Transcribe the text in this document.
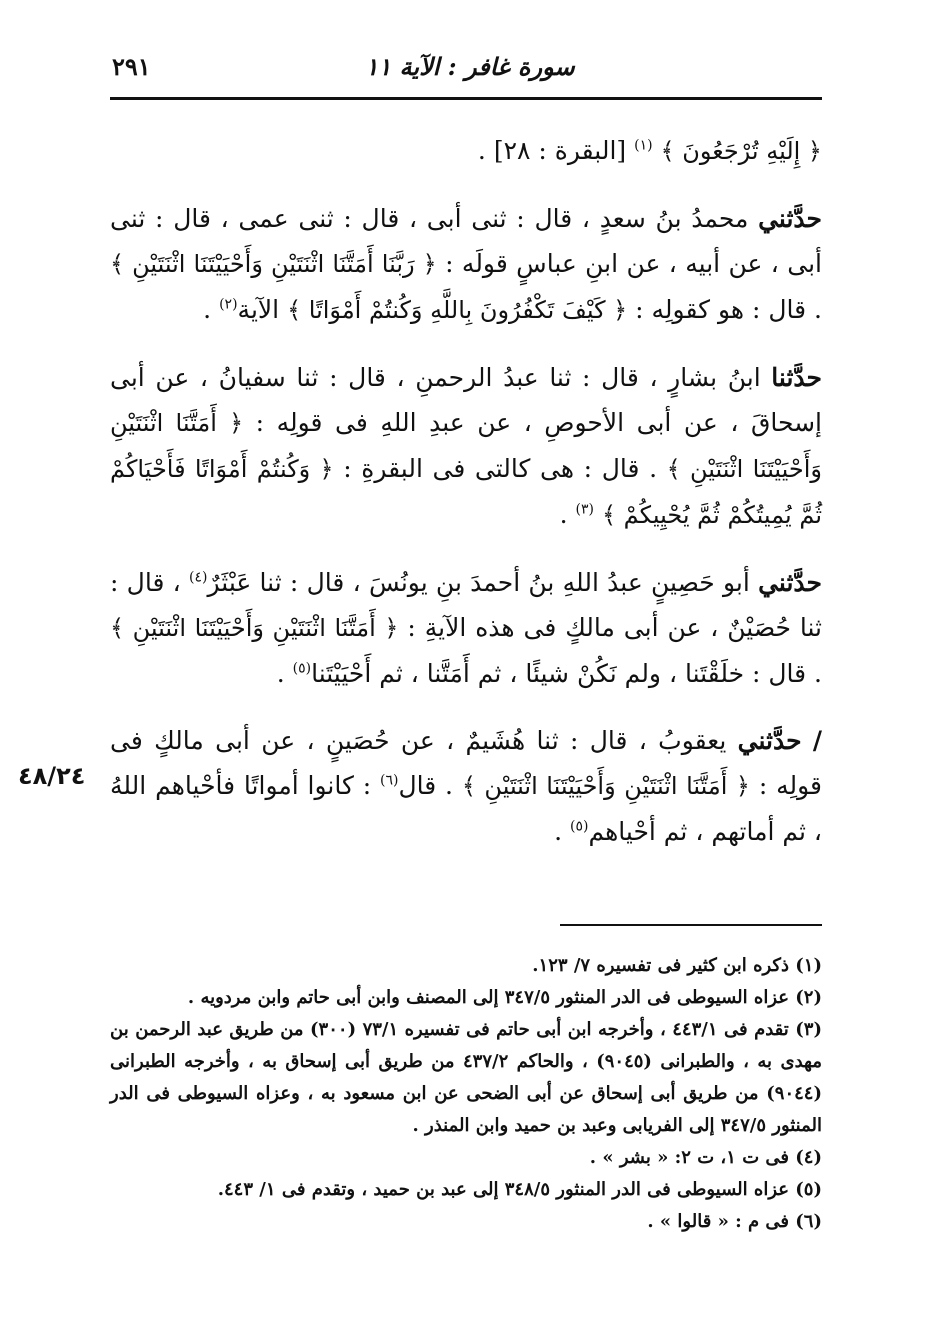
سورة غافر : الآية ١١
٢٩١

﴿ إِلَيْهِ تُرْجَعُونَ ﴾ $^{(١)}$ [البقرة : ٢٨] .

حدَّثني محمدُ بنُ سعدٍ ، قال : ثنى أبى ، قال : ثنى عمى ، قال : ثنى أبى ، عن أبيه ، عن ابنِ عباسٍ قولَه : ﴿ رَبَّنَا أَمَتَّنَا اثْنَتَيْنِ وَأَحْيَيْتَنَا اثْنَتَيْنِ ﴾ . قال : هو كقولِه : ﴿ كَيْفَ تَكْفُرُونَ بِاللَّهِ وَكُنتُمْ أَمْوَاتًا ﴾ الآية$^{(٢)}$ .

حدَّثنا ابنُ بشارٍ ، قال : ثنا عبدُ الرحمنِ ، قال : ثنا سفيانُ ، عن أبى إسحاقَ ، عن أبى الأحوصِ ، عن عبدِ اللهِ فى قولِه : ﴿ أَمَتَّنَا اثْنَتَيْنِ وَأَحْيَيْتَنَا اثْنَتَيْنِ ﴾ . قال : هى كالتى فى البقرةِ : ﴿ وَكُنتُمْ أَمْوَاتًا فَأَحْيَاكُمْ ثُمَّ يُمِيتُكُمْ ثُمَّ يُحْيِيكُمْ ﴾ $^{(٣)}$ .

حدَّثني أبو حَصِينٍ عبدُ اللهِ بنُ أحمدَ بنِ يونُسَ ، قال : ثنا عَبْثَرٌ$^{(٤)}$ ، قال : ثنا حُصَيْنٌ ، عن أبى مالكٍ فى هذه الآيةِ : ﴿ أَمَتَّنَا اثْنَتَيْنِ وَأَحْيَيْتَنَا اثْنَتَيْنِ ﴾ . قال : خلَقْتَنا ، ولم نَكُنْ شيئًا ، ثم أَمَتَّنا ، ثم أَحْيَيْتَنا$^{(٥)}$ .

/ حدَّثني يعقوبُ ، قال : ثنا هُشَيمٌ ، عن حُصَينٍ ، عن أبى مالكٍ فى قولِه : ﴿ أَمَتَّنَا اثْنَتَيْنِ وَأَحْيَيْتَنَا اثْنَتَيْنِ ﴾ . قال$^{(٦)}$ : كانوا أمواتًا فأحْياهم اللهُ ، ثم أماتهم ، ثم أحْياهم$^{(٥)}$ .

٤٨/٢٤

(١) ذكره ابن كثير فى تفسيره ٧/ ١٢٣.

(٢) عزاه السيوطى فى الدر المنثور ٣٤٧/٥ إلى المصنف وابن أبى حاتم وابن مردويه .

(٣) تقدم فى ٤٤٣/١ ، وأخرجه ابن أبى حاتم فى تفسيره ٧٣/١ (٣٠٠) من طريق عبد الرحمن بن مهدى به ، والطبرانى (٩٠٤٥) ، والحاكم ٤٣٧/٢ من طريق أبى إسحاق به ، وأخرجه الطبرانى (٩٠٤٤) من طريق أبى إسحاق عن أبى الضحى عن ابن مسعود به ، وعزاه السيوطى فى الدر المنثور ٣٤٧/٥ إلى الفريابى وعبد بن حميد وابن المنذر .

(٤) فى ت ١، ت ٢: « بشر » .

(٥) عزاه السيوطى فى الدر المنثور ٣٤٨/٥ إلى عبد بن حميد ، وتقدم فى ١/ ٤٤٣.

(٦) فى م : « قالوا » .
